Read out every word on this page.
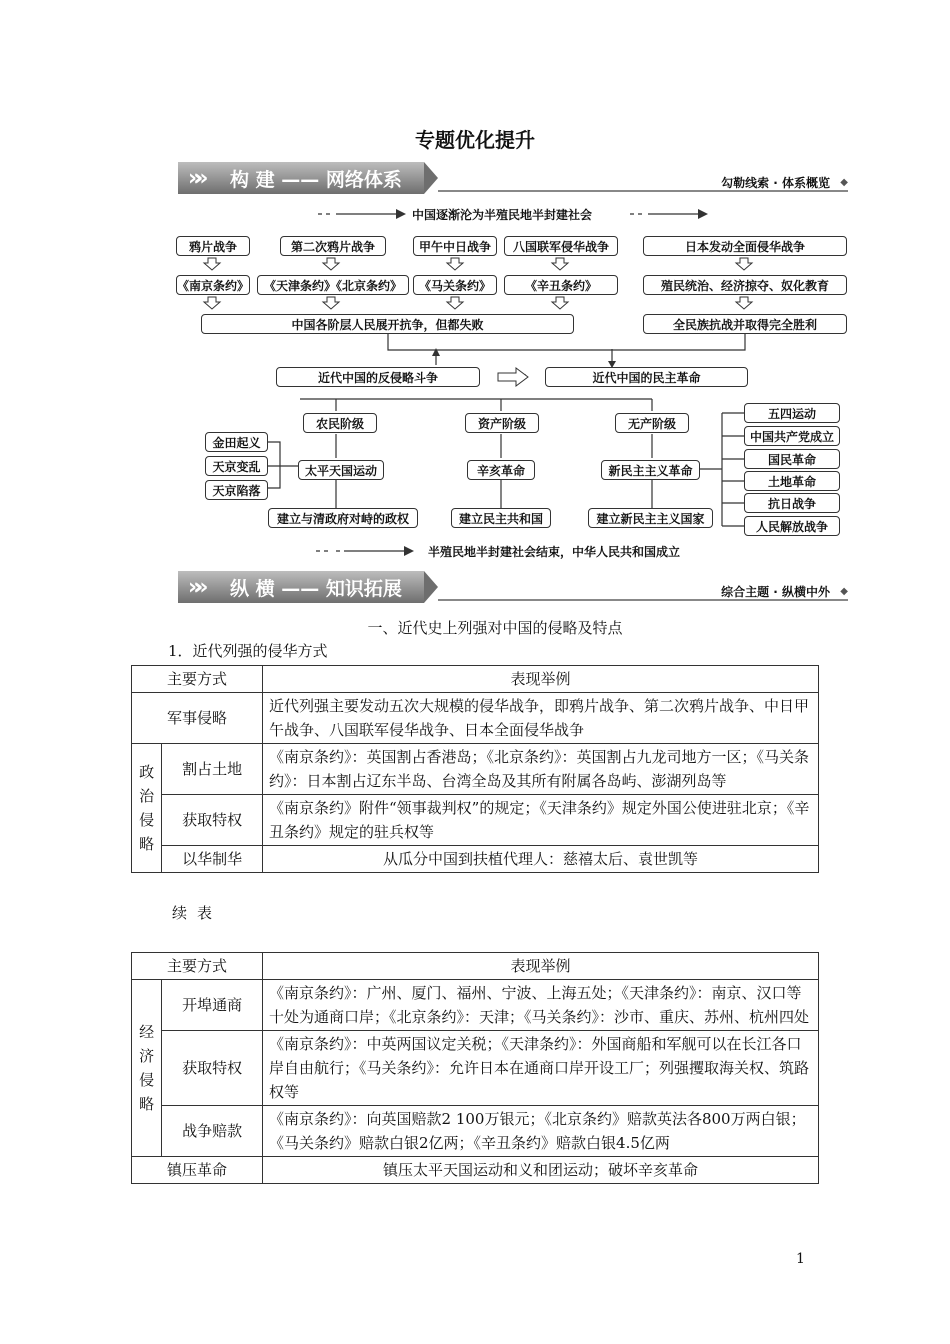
专题优化提升
»» 构 建 —— 网络体系	勾勒线索 · 体系概览 ◆
中国逐渐沦为半殖民地半封建社会
鸦片战争	第二次鸦片战争	甲午中日战争	八国联军侵华战争	日本发动全面侵华战争
《南京条约》	《天津条约》《北京条约》	《马关条约》	《辛丑条约》	殖民统治、经济掠夺、奴化教育
中国各阶层人民展开抗争，但都失败	全民族抗战并取得完全胜利
近代中国的反侵略斗争	近代中国的民主革命
农民阶级	资产阶级	无产阶级
金田起义
天京变乱
天京陷落
太平天国运动	辛亥革命	新民主主义革命
建立与清政府对峙的政权	建立民主共和国	建立新民主主义国家
五四运动
中国共产党成立
国民革命
土地革命
抗日战争
人民解放战争
半殖民地半封建社会结束，中华人民共和国成立
»» 纵 横 —— 知识拓展	综合主题 · 纵横中外 ◆
一、近代史上列强对中国的侵略及特点
1．近代列强的侵华方式
主要方式		表现举例
军事侵略		近代列强主要发动五次大规模的侵华战争，即鸦片战争、第二次鸦片战争、中日甲午战争、八国联军侵华战争、日本全面侵华战争
政治侵略	割占土地	《南京条约》：英国割占香港岛；《北京条约》：英国割占九龙司地方一区；《马关条约》：日本割占辽东半岛、台湾全岛及其所有附属各岛屿、澎湖列岛等
	获取特权	《南京条约》附件“领事裁判权”的规定；《天津条约》规定外国公使进驻北京；《辛丑条约》规定的驻兵权等
	以华制华	从瓜分中国到扶植代理人：慈禧太后、袁世凯等
续表
主要方式		表现举例
经济侵略	开埠通商	《南京条约》：广州、厦门、福州、宁波、上海五处；《天津条约》：南京、汉口等十处为通商口岸；《北京条约》：天津；《马关条约》：沙市、重庆、苏州、杭州四处
	获取特权	《南京条约》：中英两国议定关税；《天津条约》：外国商船和军舰可以在长江各口岸自由航行；《马关条约》：允许日本在通商口岸开设工厂；列强攫取海关权、筑路权等
	战争赔款	《南京条约》：向英国赔款2 100万银元；《北京条约》赔款英法各800万两白银；《马关条约》赔款白银2亿两；《辛丑条约》赔款白银4.5亿两
镇压革命		镇压太平天国运动和义和团运动；破坏辛亥革命
1
